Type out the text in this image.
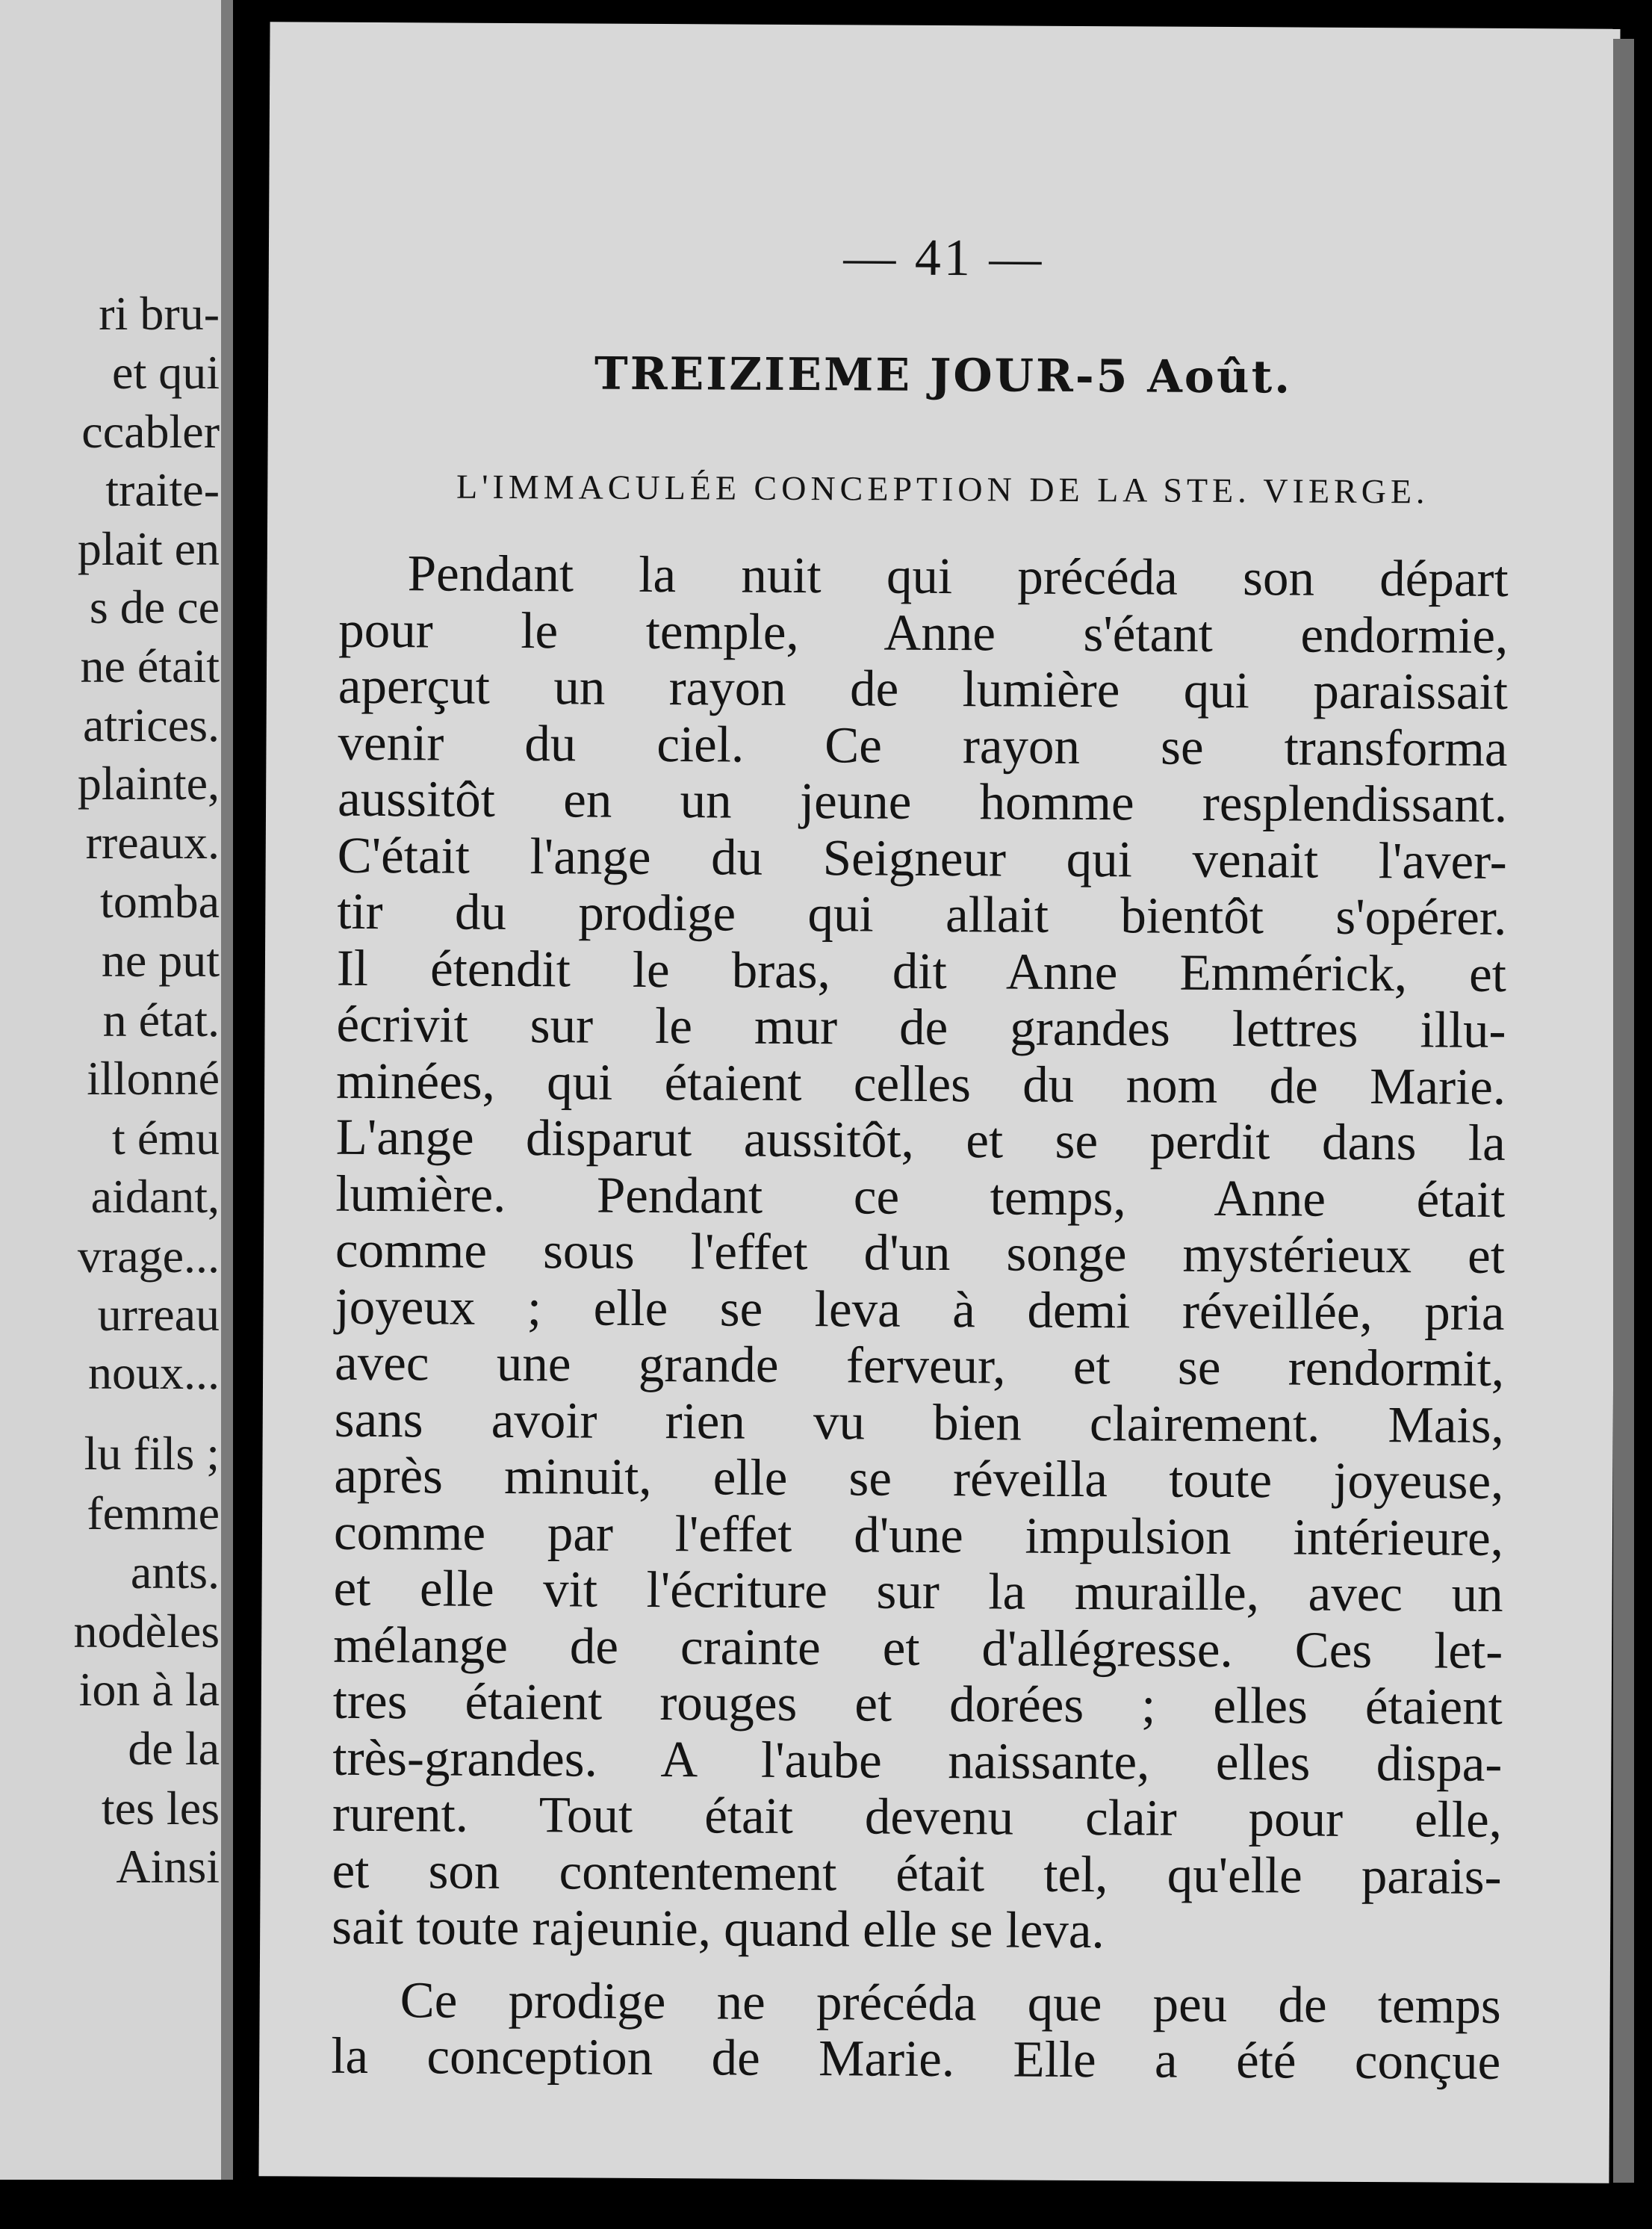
ri bru-
et qui
ccabler
traite-
plait en
s de ce
ne était
atrices.
plainte,
rreaux.
tomba
ne put
n état.
illonné
t ému
aidant,
vrage...
urreau
noux...
lu fils ;
femme
ants.
nodèles
ion à la
de la
tes les
Ainsi
— 41 —
TREIZIEME JOUR-5 Août.
L'IMMACULÉE CONCEPTION DE LA STE. VIERGE.
Pendant la nuit qui précéda son départ
pour le temple, Anne s'étant endormie,
aperçut un rayon de lumière qui paraissait
venir du ciel. Ce rayon se transforma
aussitôt en un jeune homme resplendissant.
C'était l'ange du Seigneur qui venait l'aver-
tir du prodige qui allait bientôt s'opérer.
Il étendit le bras, dit Anne Emmérick, et
écrivit sur le mur de grandes lettres illu-
minées, qui étaient celles du nom de Marie.
L'ange disparut aussitôt, et se perdit dans la
lumière. Pendant ce temps, Anne était
comme sous l'effet d'un songe mystérieux et
joyeux ; elle se leva à demi réveillée, pria
avec une grande ferveur, et se rendormit,
sans avoir rien vu bien clairement. Mais,
après minuit, elle se réveilla toute joyeuse,
comme par l'effet d'une impulsion intérieure,
et elle vit l'écriture sur la muraille, avec un
mélange de crainte et d'allégresse. Ces let-
tres étaient rouges et dorées ; elles étaient
très-grandes. A l'aube naissante, elles dispa-
rurent. Tout était devenu clair pour elle,
et son contentement était tel, qu'elle parais-
sait toute rajeunie, quand elle se leva.
Ce prodige ne précéda que peu de temps
la conception de Marie. Elle a été conçue
